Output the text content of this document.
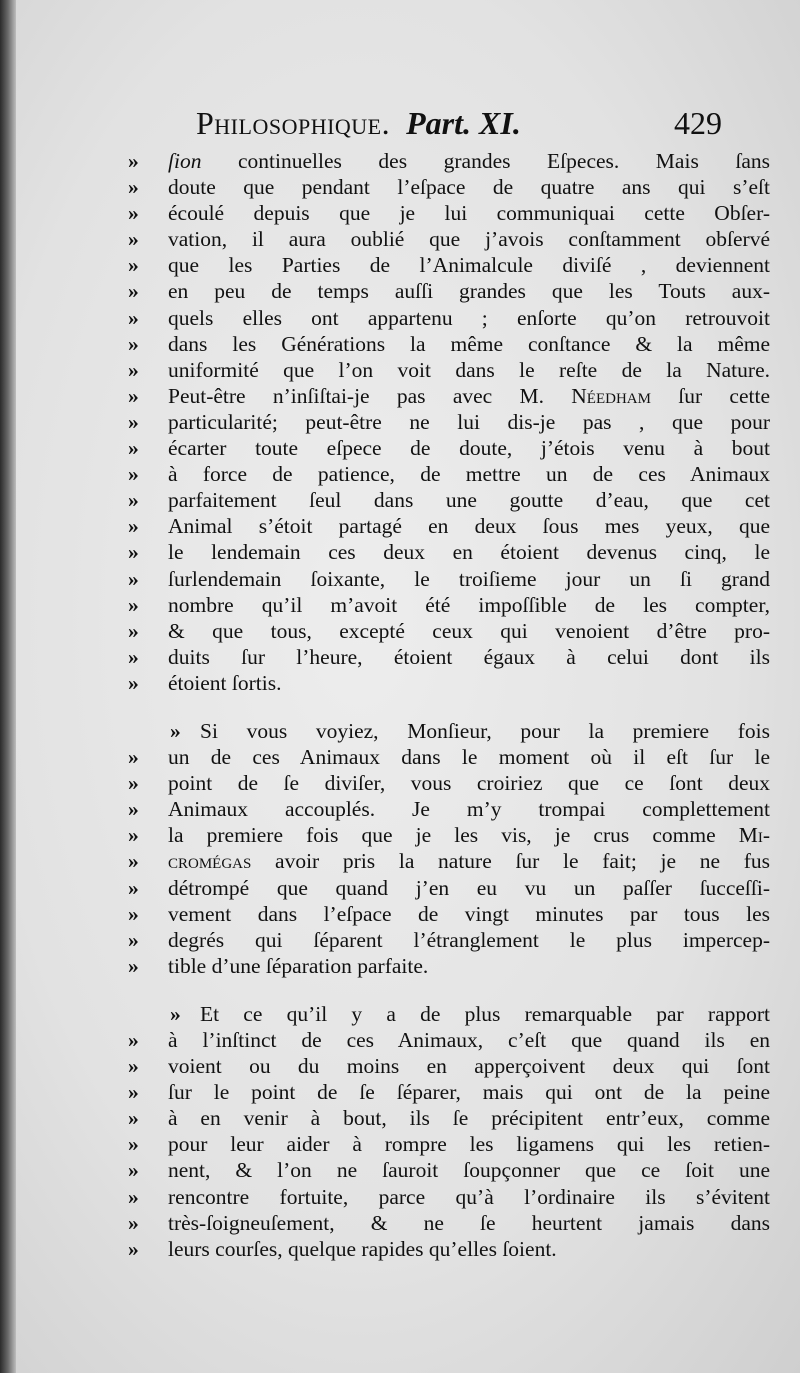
Philosophique. Part. XI.	429
»	ſion continuelles des grandes Eſpeces. Mais ſans
»	doute que pendant l’eſpace de quatre ans qui s’eſt
»	écoulé depuis que je lui communiquai cette Obſer-
»	vation, il aura oublié que j’avois conſtamment obſervé
»	que les Parties de l’Animalcule diviſé , deviennent
»	en peu de temps auſſi grandes que les Touts aux-
»	quels elles ont appartenu ; enſorte qu’on retrouvoit
»	dans les Générations la même conſtance & la même
»	uniformité que l’on voit dans le reſte de la Nature.
»	Peut-être n’inſiſtai-je pas avec M. Néedham ſur cette
»	particularité; peut-être ne lui dis-je pas , que pour
»	écarter toute eſpece de doute, j’étois venu à bout
»	à force de patience, de mettre un de ces Animaux
»	parfaitement ſeul dans une goutte d’eau, que cet
»	Animal s’étoit partagé en deux ſous mes yeux, que
»	le lendemain ces deux en étoient devenus cinq, le
»	ſurlendemain ſoixante, le troiſieme jour un ſi grand
»	nombre qu’il m’avoit été impoſſible de les compter,
»	& que tous, excepté ceux qui venoient d’être pro-
»	duits ſur l’heure, étoient égaux à celui dont ils
»	étoient ſortis.
» Si vous voyiez, Monſieur, pour la premiere fois
»	un de ces Animaux dans le moment où il eſt ſur le
»	point de ſe diviſer, vous croiriez que ce ſont deux
»	Animaux accouplés. Je m’y trompai complettement
»	la premiere fois que je les vis, je crus comme Mi-
»	cromégas avoir pris la nature ſur le fait; je ne fus
»	détrompé que quand j’en eu vu un paſſer ſucceſſi-
»	vement dans l’eſpace de vingt minutes par tous les
»	degrés qui ſéparent l’étranglement le plus impercep-
»	tible d’une ſéparation parfaite.
» Et ce qu’il y a de plus remarquable par rapport
»	à l’inſtinct de ces Animaux, c’eſt que quand ils en
»	voient ou du moins en apperçoivent deux qui ſont
»	ſur le point de ſe ſéparer, mais qui ont de la peine
»	à en venir à bout, ils ſe précipitent entr’eux, comme
»	pour leur aider à rompre les ligamens qui les retien-
»	nent, & l’on ne ſauroit ſoupçonner que ce ſoit une
»	rencontre fortuite, parce qu’à l’ordinaire ils s’évitent
»	très-ſoigneuſement, & ne ſe heurtent jamais dans
»	leurs courſes, quelque rapides qu’elles ſoient.
